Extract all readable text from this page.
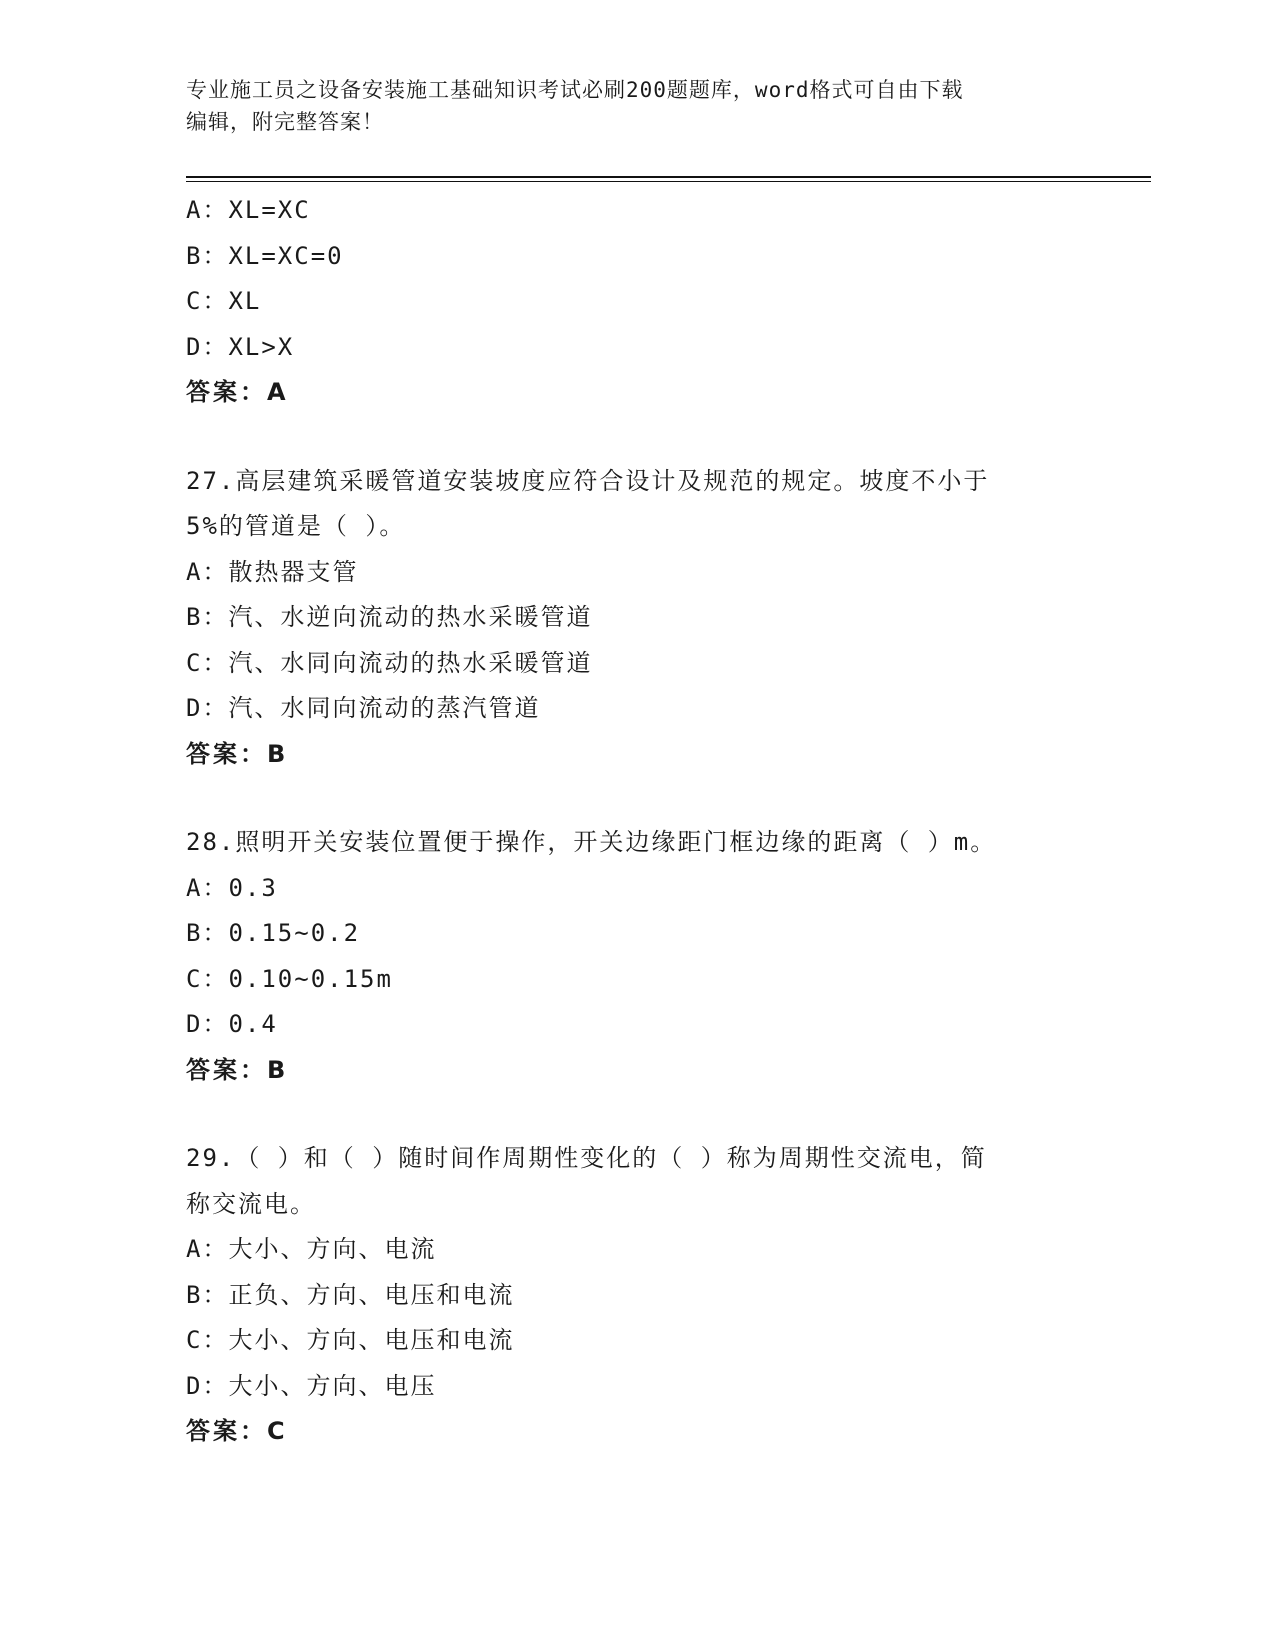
专业施工员之设备安装施工基础知识考试必刷200题题库，word格式可自由下载
编辑，附完整答案！
A：XL=XC
B：XL=XC=0
C：XL
D：XL>X
答案：A
27.高层建筑采暖管道安装坡度应符合设计及规范的规定。坡度不小于
5%的管道是（ ）。
A：散热器支管
B：汽、水逆向流动的热水采暖管道
C：汽、水同向流动的热水采暖管道
D：汽、水同向流动的蒸汽管道
答案：B
28.照明开关安装位置便于操作，开关边缘距门框边缘的距离（ ）m。
A：0.3
B：0.15~0.2
C：0.10~0.15m
D：0.4
答案：B
29.（ ）和（ ）随时间作周期性变化的（ ）称为周期性交流电，简
称交流电。
A：大小、方向、电流
B：正负、方向、电压和电流
C：大小、方向、电压和电流
D：大小、方向、电压
答案：C
